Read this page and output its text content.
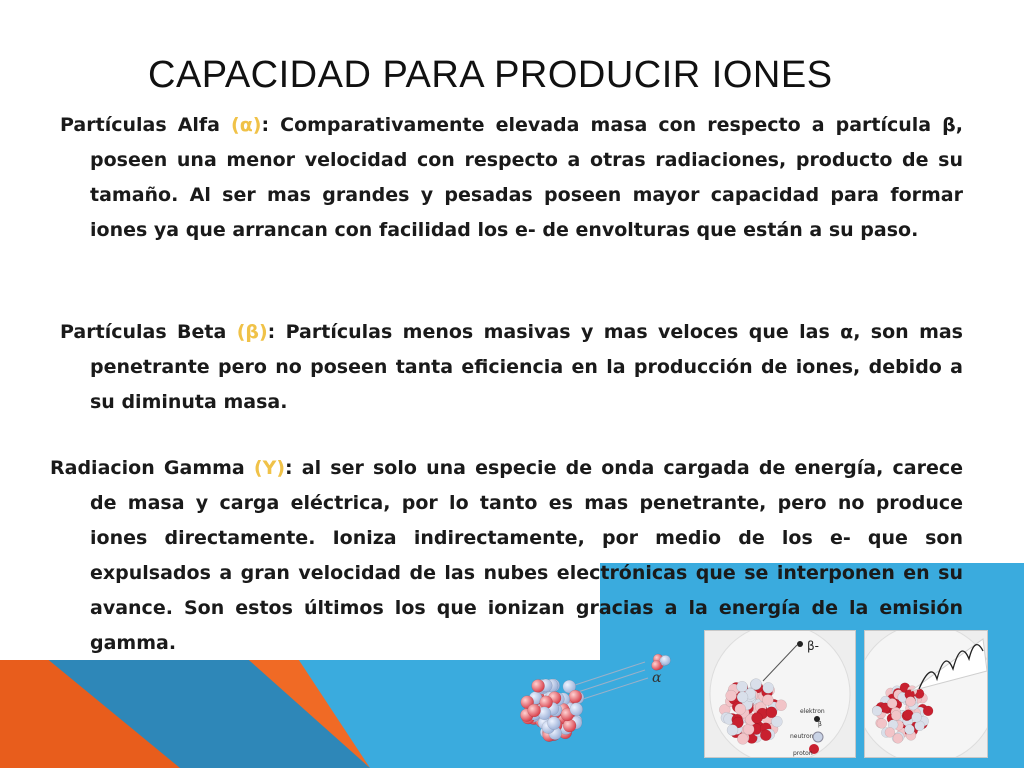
CAPACIDAD PARA PRODUCIR IONES

Partículas Alfa (α): Comparativamente elevada masa con respecto a partícula β, poseen una menor velocidad con respecto a otras radiaciones, producto de su tamaño. Al ser mas grandes y pesadas poseen mayor capacidad para formar iones ya que arrancan con facilidad los e- de envolturas que están a su paso.

Partículas Beta (β): Partículas menos masivas y mas veloces que las α, son mas penetrante pero no poseen tanta eficiencia en la producción de iones, debido a su diminuta masa.

Radiacion Gamma (Y): al ser solo una especie de onda cargada de energía, carece de masa y carga eléctrica, por lo tanto es mas penetrante, pero no produce iones directamente. Ioniza indirectamente, por medio de los e- que son expulsados a gran velocidad de las nubes electrónicas que se interponen en su avance. Son estos últimos los que ionizan gracias a la energía de la emisión gamma.

α
β-
elektron
β
neutron
proton
